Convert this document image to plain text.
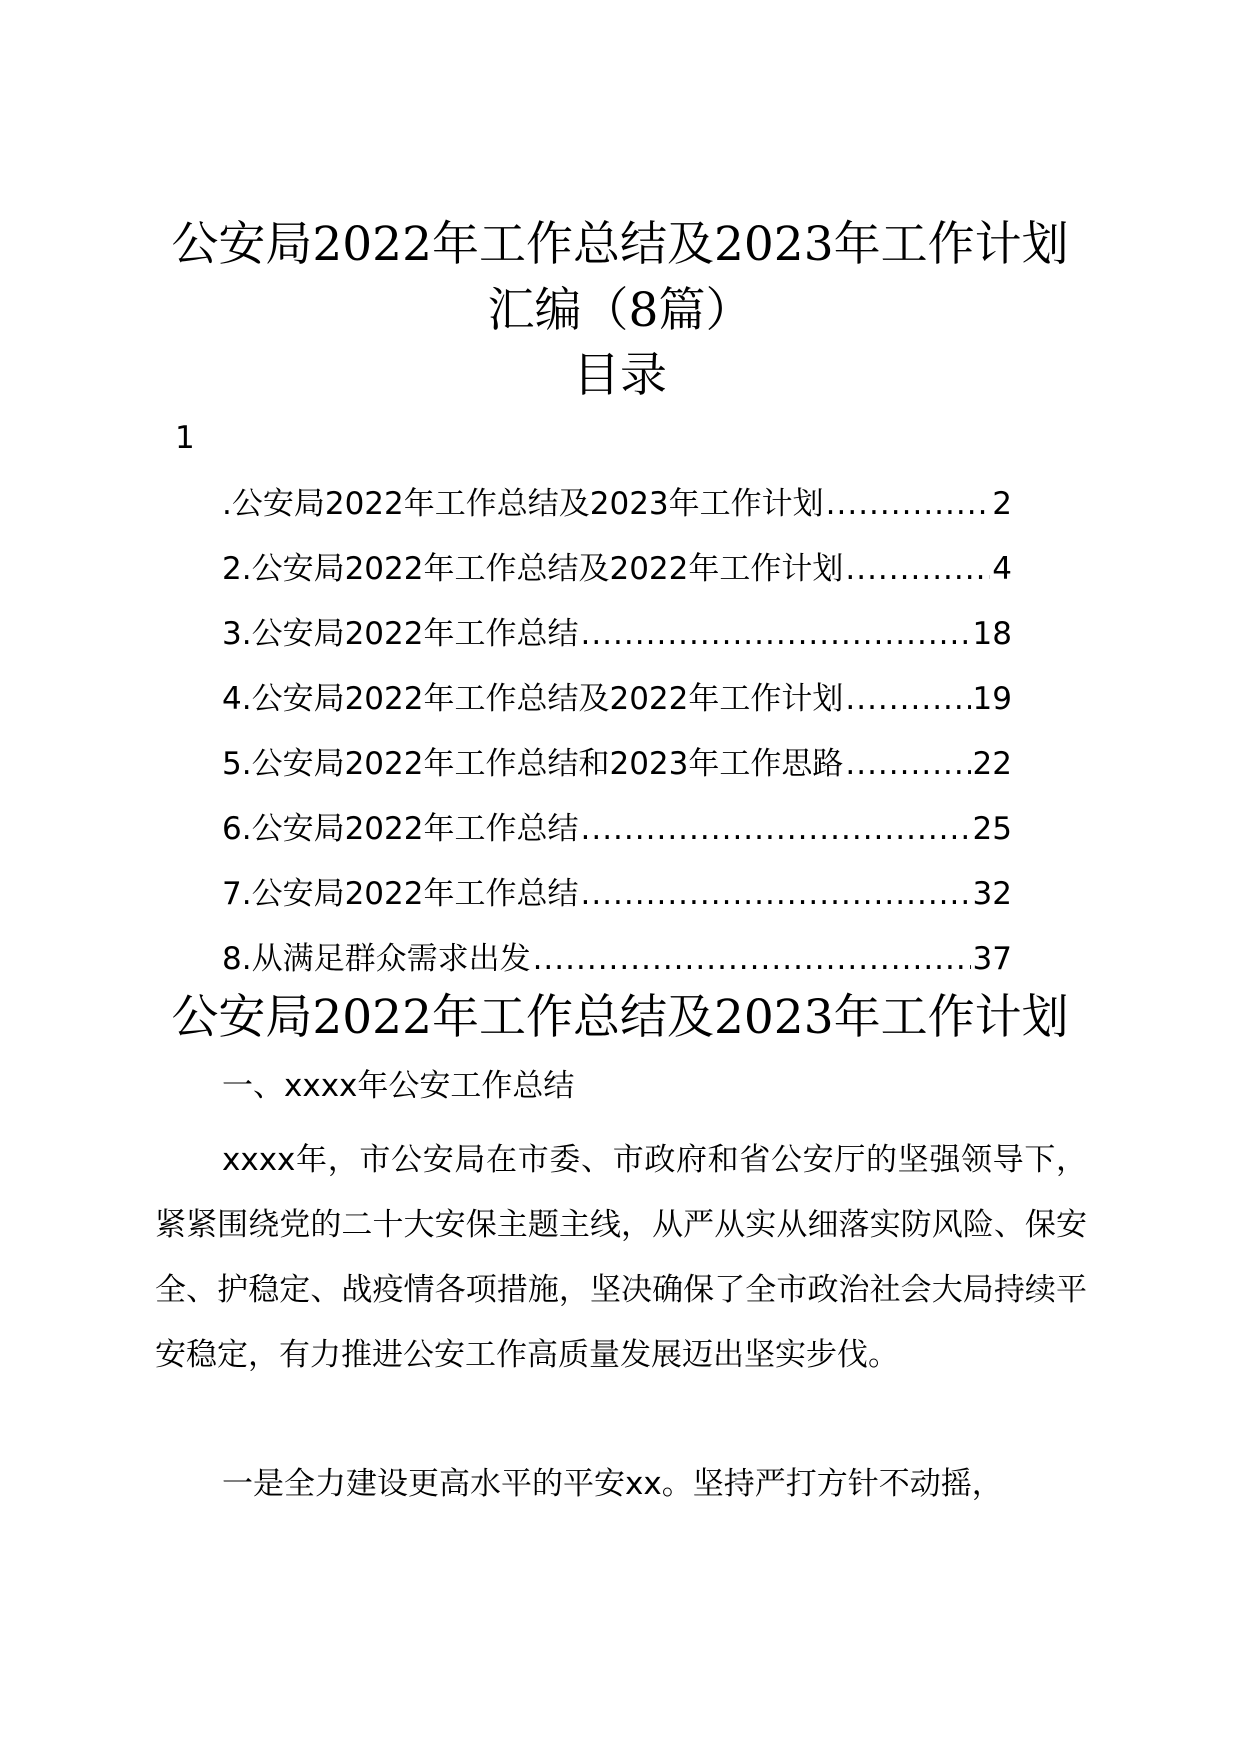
公安局2022年工作总结及2023年工作计划汇编（8篇）
目录
1
.公安局2022年工作总结及2023年工作计划 .....	2
2.公安局2022年工作总结及2022年工作计划 .....	4
3.公安局2022年工作总结 .....	18
4.公安局2022年工作总结及2022年工作计划 .....	19
5.公安局2022年工作总结和2023年工作思路 .....	22
6.公安局2022年工作总结 .....	25
7.公安局2022年工作总结 .....	32
8.从满足群众需求出发 .....	37
公安局2022年工作总结及2023年工作计划
一、xxxx年公安工作总结

xxxx年，市公安局在市委、市政府和省公安厅的坚强领导下，紧紧围绕党的二十大安保主题主线，从严从实从细落实防风险、保安全、护稳定、战疫情各项措施，坚决确保了全市政治社会大局持续平安稳定，有力推进公安工作高质量发展迈出坚实步伐。

一是全力建设更高水平的平安xx。坚持严打方针不动摇，
